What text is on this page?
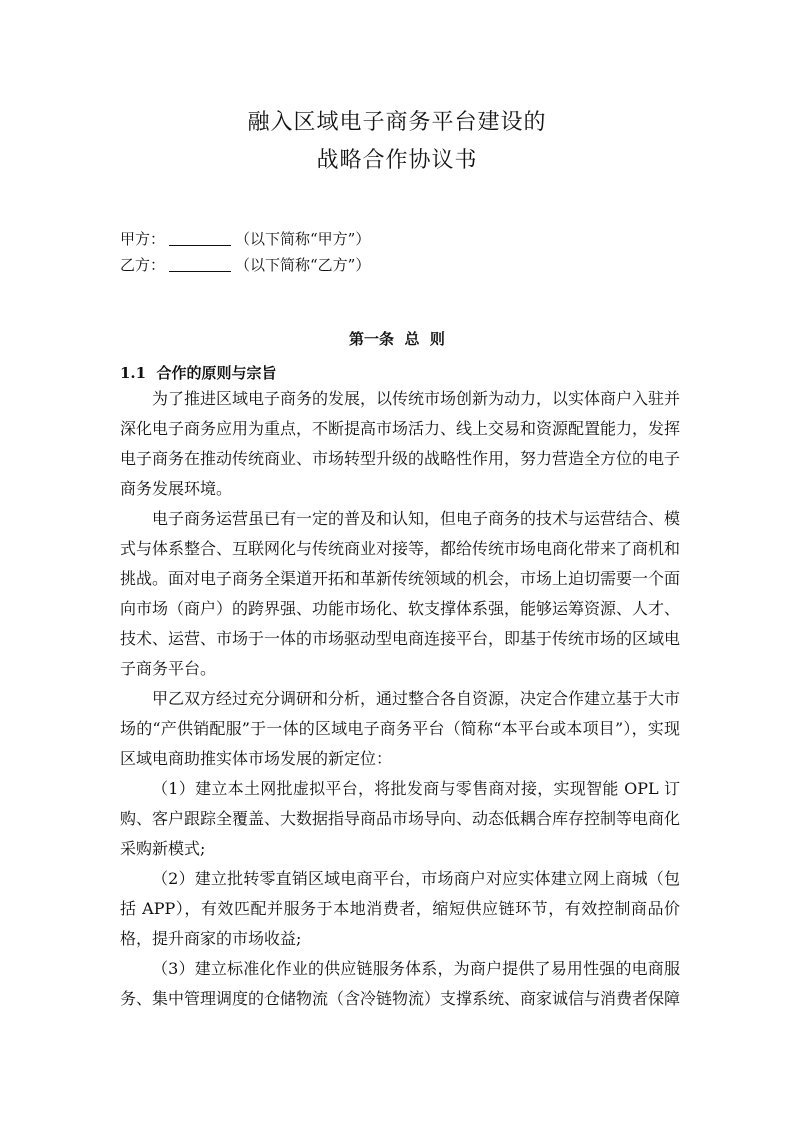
融入区域电子商务平台建设的
战略合作协议书
甲方：	（以下简称“甲方”）
乙方：	（以下简称“乙方”）
第一条  总  则
1.1  合作的原则与宗旨

为了推进区域电子商务的发展，以传统市场创新为动力，以实体商户入驻并深化电子商务应用为重点，不断提高市场活力、线上交易和资源配置能力，发挥电子商务在推动传统商业、市场转型升级的战略性作用，努力营造全方位的电子商务发展环境。

电子商务运营虽已有一定的普及和认知，但电子商务的技术与运营结合、模式与体系整合、互联网化与传统商业对接等，都给传统市场电商化带来了商机和挑战。面对电子商务全渠道开拓和革新传统领域的机会，市场上迫切需要一个面向市场（商户）的跨界强、功能市场化、软支撑体系强，能够运筹资源、人才、技术、运营、市场于一体的市场驱动型电商连接平台，即基于传统市场的区域电子商务平台。

甲乙双方经过充分调研和分析，通过整合各自资源，决定合作建立基于大市场的“产供销配服”于一体的区域电子商务平台（简称“本平台或本项目”），实现区域电商助推实体市场发展的新定位：

（1）建立本土网批虚拟平台，将批发商与零售商对接，实现智能 OPL 订购、客户跟踪全覆盖、大数据指导商品市场导向、动态低耦合库存控制等电商化采购新模式;

（2）建立批转零直销区域电商平台，市场商户对应实体建立网上商城（包括 APP），有效匹配并服务于本地消费者，缩短供应链环节，有效控制商品价格，提升商家的市场收益;

（3）建立标准化作业的供应链服务体系，为商户提供了易用性强的电商服务、集中管理调度的仓储物流（含冷链物流）支撑系统、商家诚信与消费者保障
